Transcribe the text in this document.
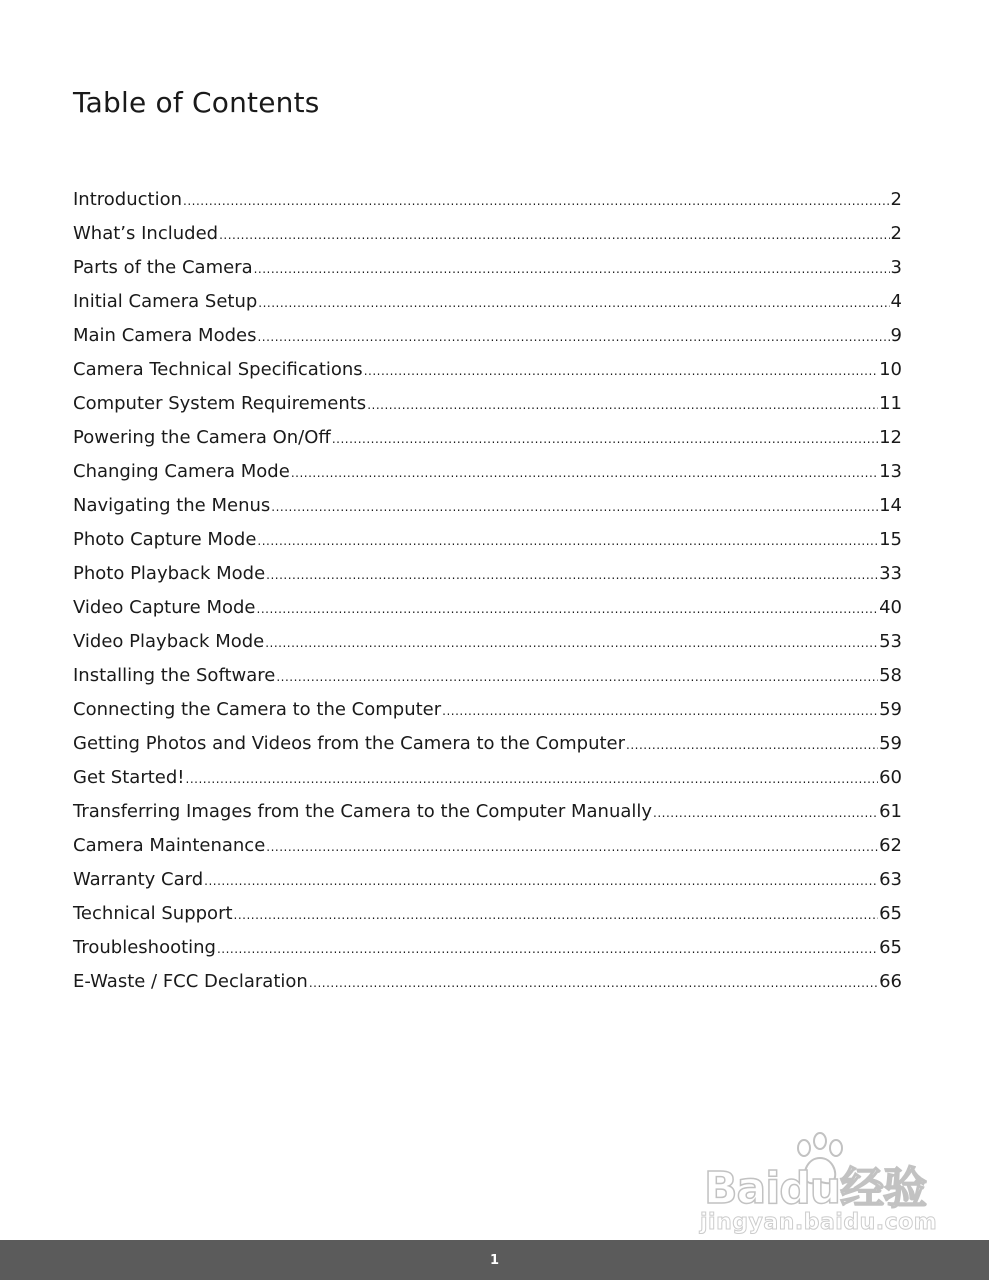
Table of Contents
Introduction .....	2
What’s Included .....	2
Parts of the Camera .....	3
Initial Camera Setup .....	4
Main Camera Modes .....	9
Camera Technical Specifications .....	10
Computer System Requirements .....	11
Powering the Camera On/Off .....	12
Changing Camera Mode .....	13
Navigating the Menus .....	14
Photo Capture Mode .....	15
Photo Playback Mode .....	33
Video Capture Mode .....	40
Video Playback Mode .....	53
Installing the Software .....	58
Connecting the Camera to the Computer .....	59
Getting Photos and Videos from the Camera to the Computer .....	59
Get Started! .....	60
Transferring Images from the Camera to the Computer Manually .....	61
Camera Maintenance .....	62
Warranty Card .....	63
Technical Support .....	65
Troubleshooting .....	65
E-Waste / FCC Declaration .....	66
Baidu经验
jingyan.baidu.com
1
